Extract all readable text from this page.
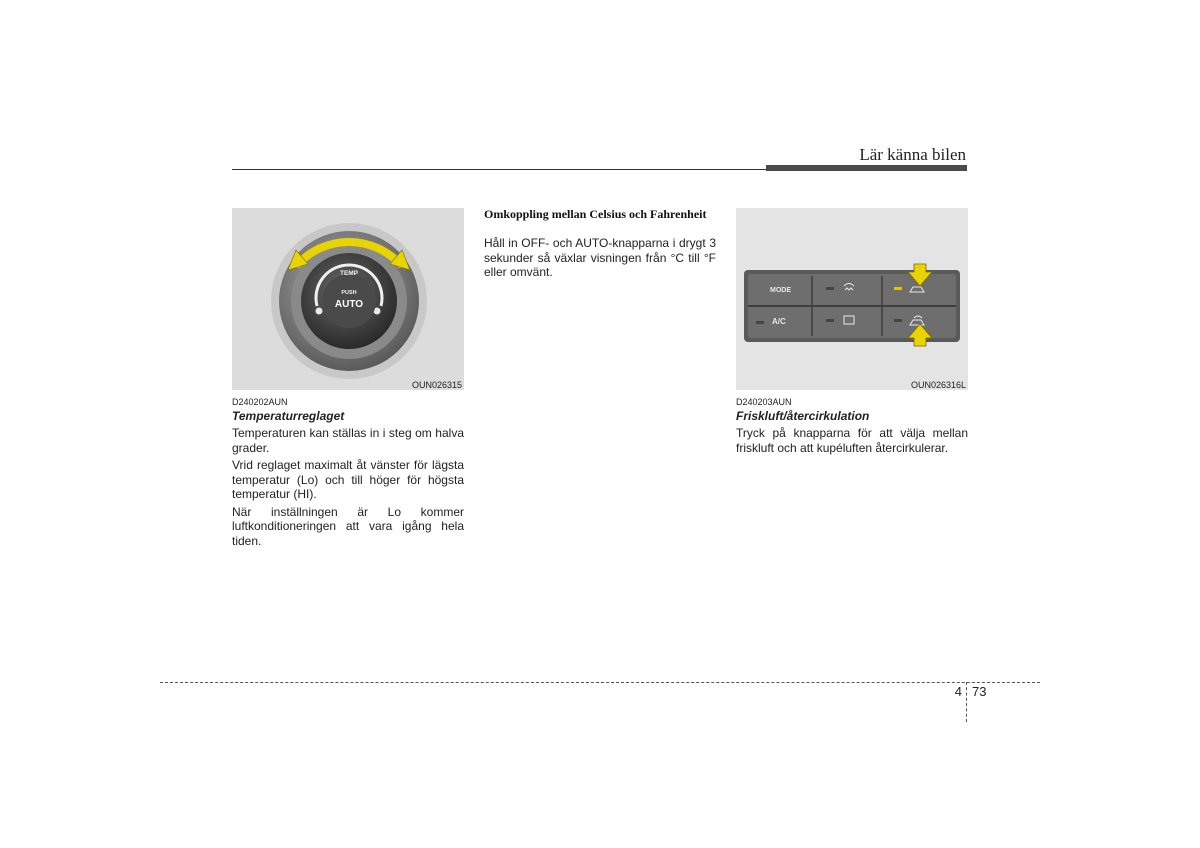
Lär känna bilen
TEMP
PUSH
AUTO
OUN026315
MODE
A/C
OUN026316L
D240202AUN
Temperaturreglaget

Temperaturen kan ställas in i steg om halva grader.

Vrid reglaget maximalt åt vänster för lägsta temperatur (Lo) och till höger för högsta temperatur (HI).

När inställningen är Lo kommer luftkonditioneringen att vara igång hela tiden.

Omkoppling mellan Celsius och Fahrenheit

Håll in OFF- och AUTO-knapparna i drygt 3 sekunder så växlar visningen från °C till °F eller omvänt.

D240203AUN
Friskluft/återcirkulation

Tryck på knapparna för att välja mellan friskluft och att kupéluften återcirkulerar.

4 73
